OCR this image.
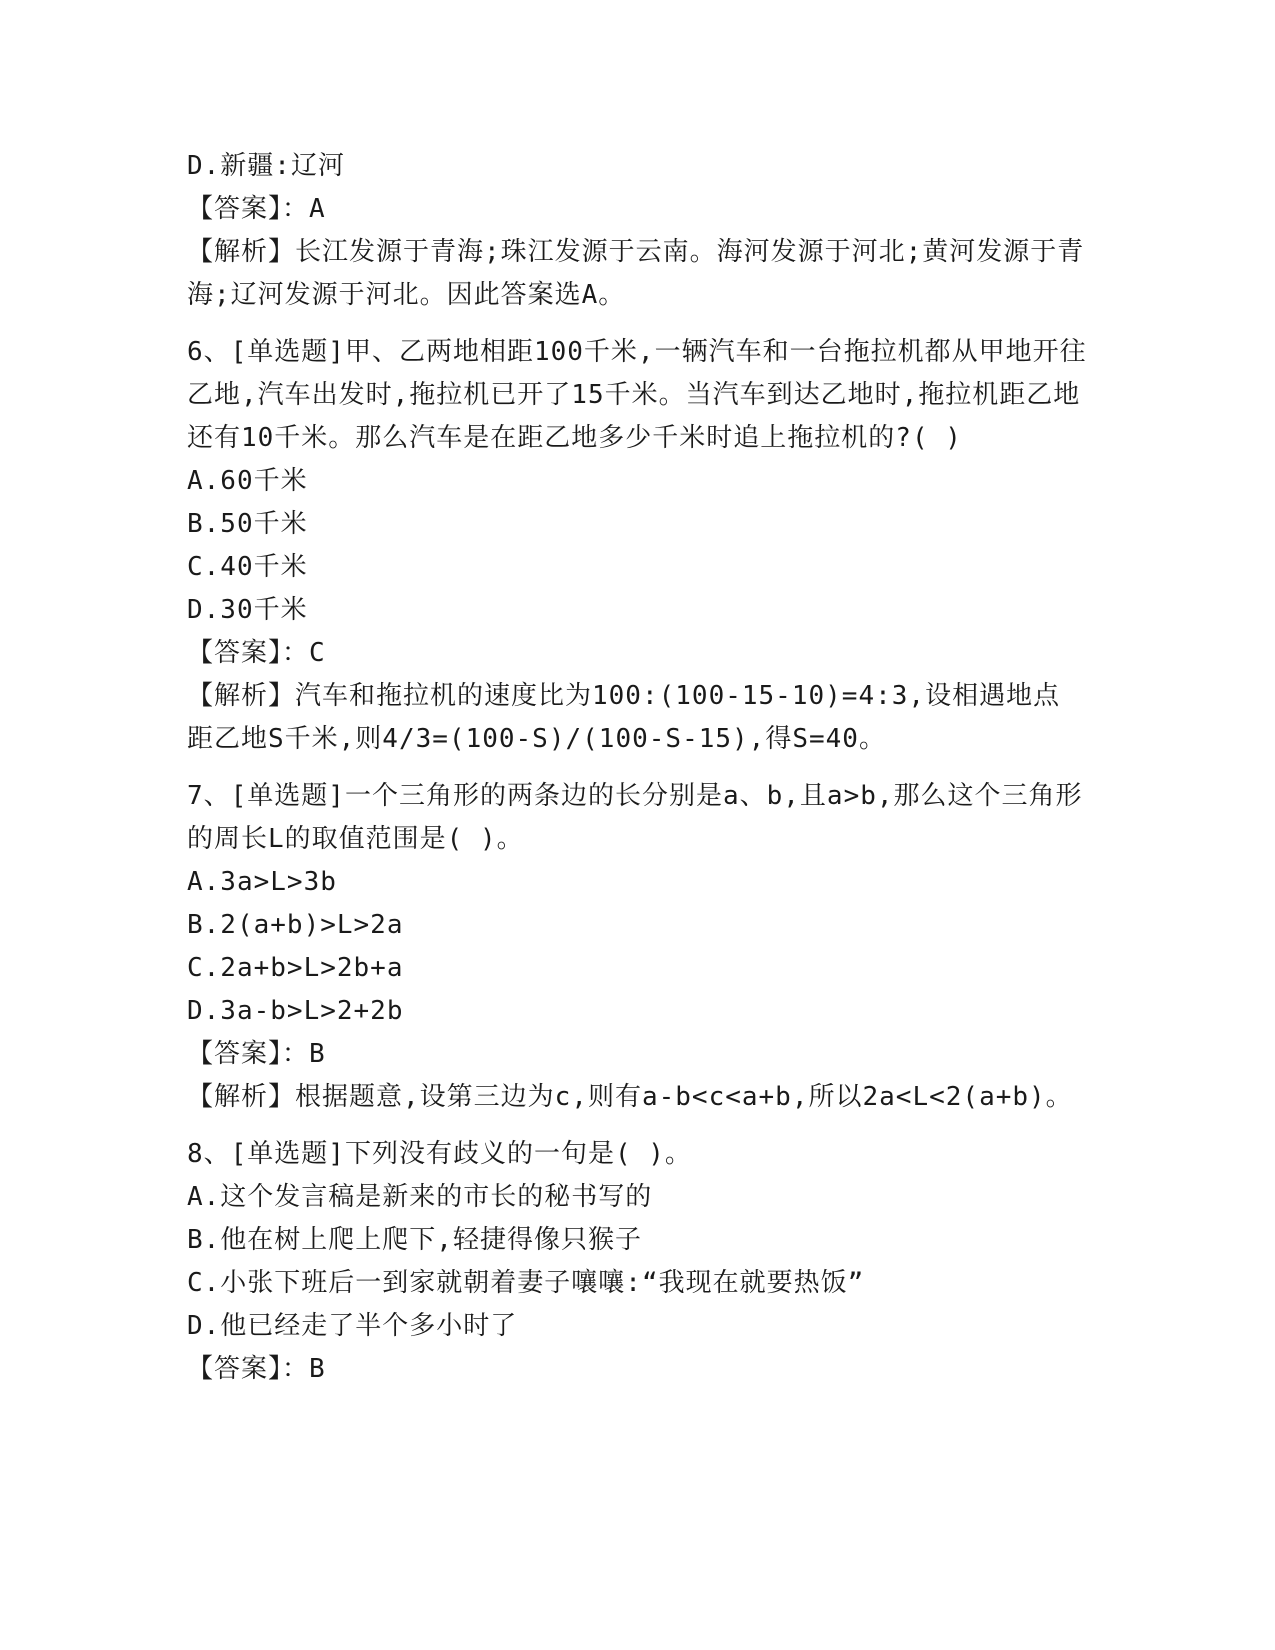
D.新疆:辽河
【答案】：A
【解析】长江发源于青海;珠江发源于云南。海河发源于河北;黄河发源于青海;辽河发源于河北。因此答案选A。
6、[单选题]甲、乙两地相距100千米,一辆汽车和一台拖拉机都从甲地开往乙地,汽车出发时,拖拉机已开了15千米。当汽车到达乙地时,拖拉机距乙地还有10千米。那么汽车是在距乙地多少千米时追上拖拉机的?( )
A.60千米
B.50千米
C.40千米
D.30千米
【答案】：C
【解析】汽车和拖拉机的速度比为100:(100-15-10)=4:3,设相遇地点距乙地S千米,则4/3=(100-S)/(100-S-15),得S=40。
7、[单选题]一个三角形的两条边的长分别是a、b,且a>b,那么这个三角形的周长L的取值范围是( )。
A.3a>L>3b
B.2(a+b)>L>2a
C.2a+b>L>2b+a
D.3a-b>L>2+2b
【答案】：B
【解析】根据题意,设第三边为c,则有a-b<c<a+b,所以2a<L<2(a+b)。
8、[单选题]下列没有歧义的一句是( )。
A.这个发言稿是新来的市长的秘书写的
B.他在树上爬上爬下,轻捷得像只猴子
C.小张下班后一到家就朝着妻子嚷嚷:“我现在就要热饭”
D.他已经走了半个多小时了
【答案】：B
